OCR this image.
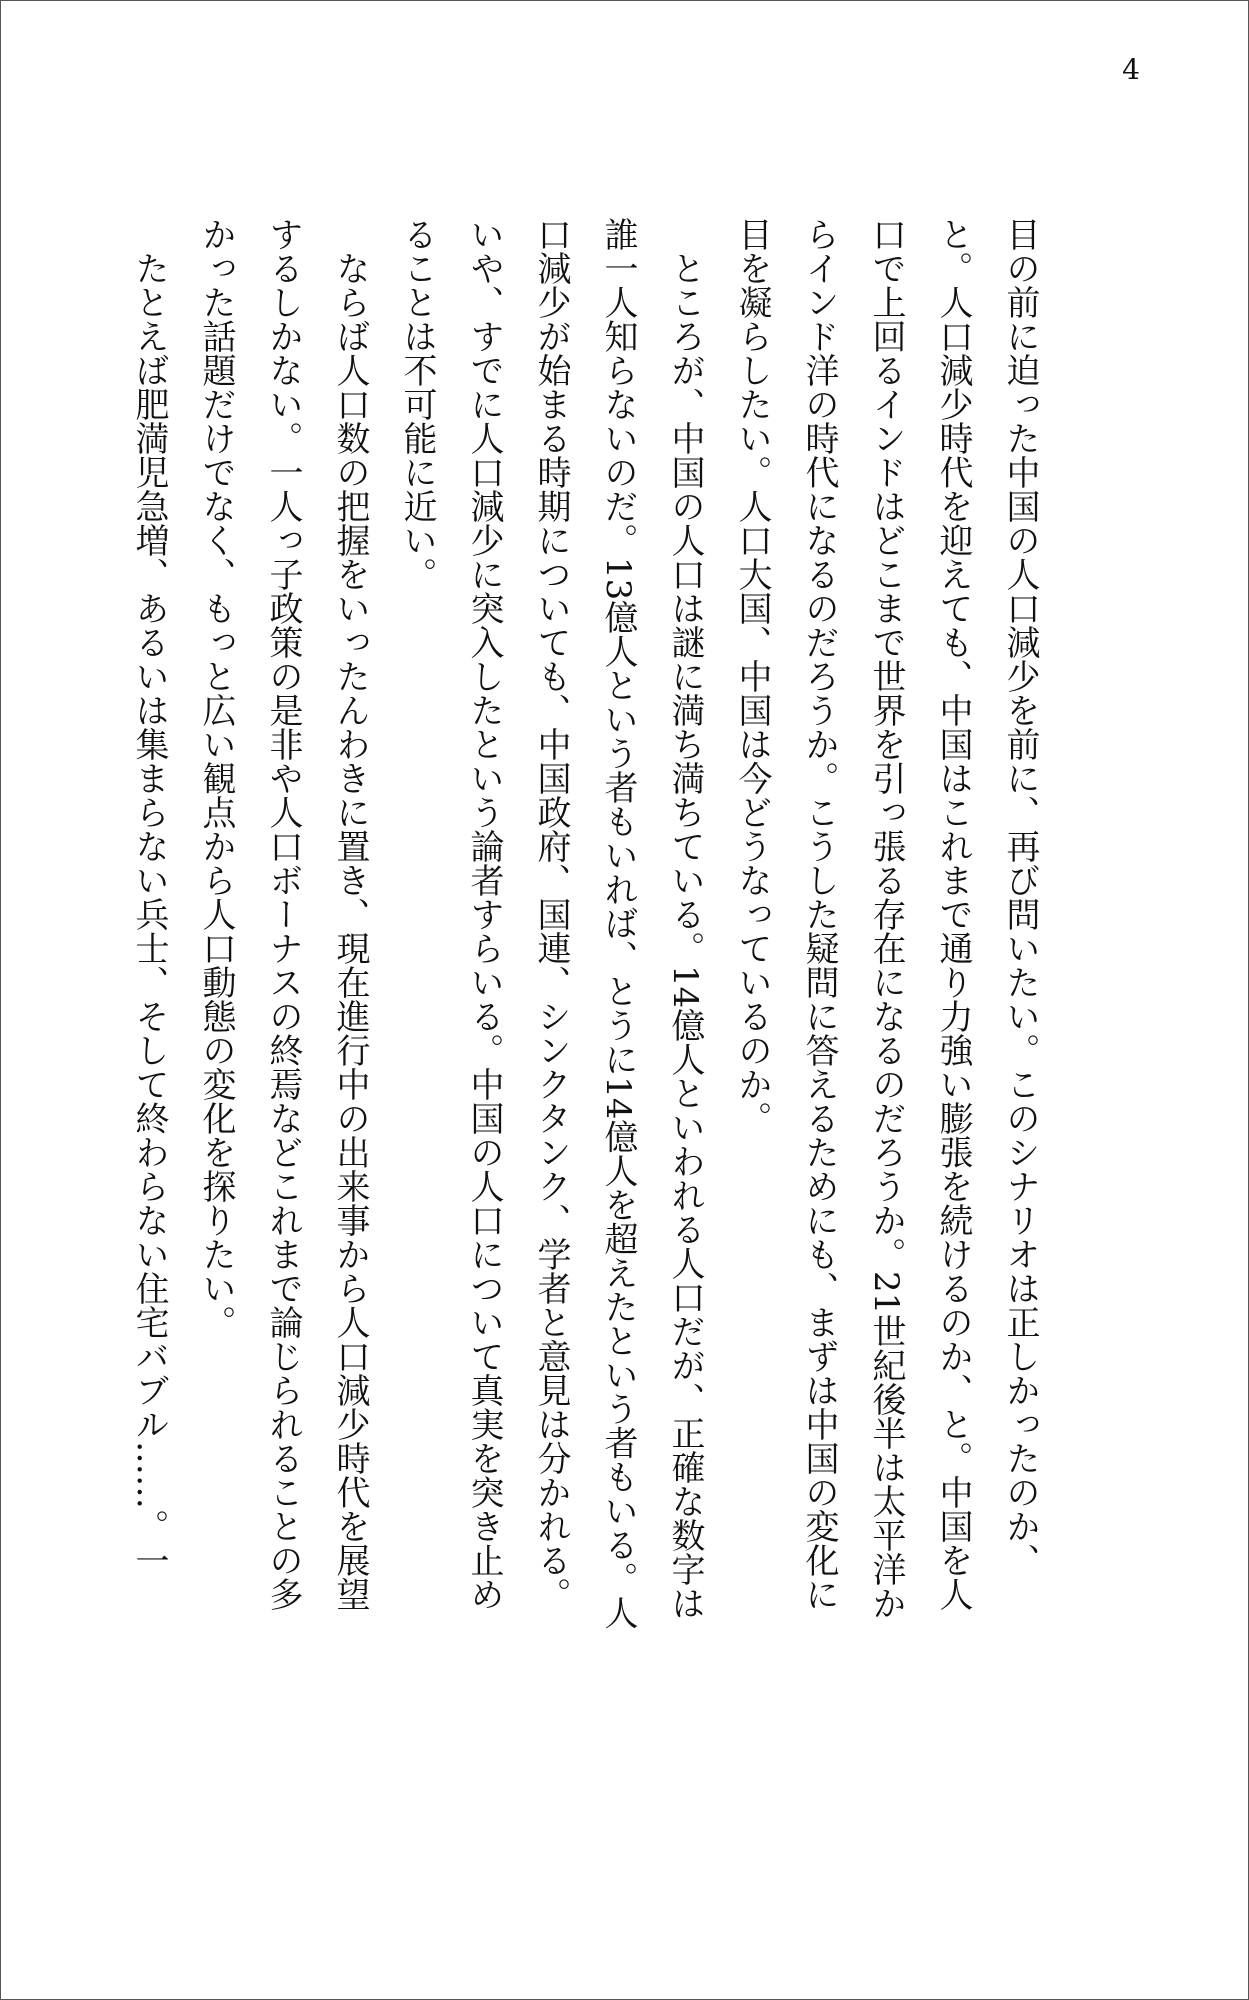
4

目の前に迫った中国の人口減少を前に、再び問いたい。このシナリオは正しかったのか、

と。人口減少時代を迎えても、中国はこれまで通り力強い膨張を続けるのか、と。中国を人

口で上回るインドはどこまで世界を引っ張る存在になるのだろうか。21世紀後半は太平洋か

らインド洋の時代になるのだろうか。こうした疑問に答えるためにも、まずは中国の変化に

目を凝らしたい。人口大国、中国は今どうなっているのか。

　ところが、中国の人口は謎に満ち満ちている。14億人といわれる人口だが、正確な数字は

誰一人知らないのだ。13億人という者もいれば、とうに14億人を超えたという者もいる。人

口減少が始まる時期についても、中国政府、国連、シンクタンク、学者と意見は分かれる。

いや、すでに人口減少に突入したという論者すらいる。中国の人口について真実を突き止め

ることは不可能に近い。

　ならば人口数の把握をいったんわきに置き、現在進行中の出来事から人口減少時代を展望

するしかない。一人っ子政策の是非や人口ボーナスの終焉などこれまで論じられることの多

かった話題だけでなく、もっと広い観点から人口動態の変化を探りたい。

　たとえば肥満児急増、あるいは集まらない兵士、そして終わらない住宅バブル……。一
